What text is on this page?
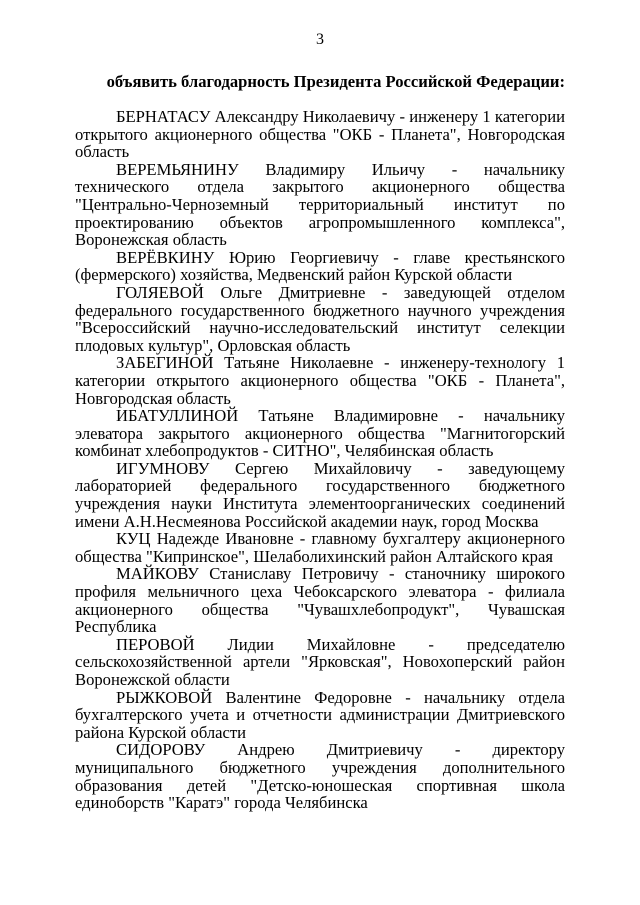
3
объявить благодарность Президента Российской Федерации:

БЕРНАТАСУ Александру Николаевичу - инженеру 1 категории открытого акционерного общества "ОКБ - Планета", Новгородская область

ВЕРЕМЬЯНИНУ Владимиру Ильичу - начальнику технического отдела закрытого акционерного общества "Центрально-Черноземный территориальный институт по проектированию объектов агропромышленного комплекса", Воронежская область

ВЕРЁВКИНУ Юрию Георгиевичу - главе крестьянского (фермерского) хозяйства, Медвенский район Курской области

ГОЛЯЕВОЙ Ольге Дмитриевне - заведующей отделом федерального государственного бюджетного научного учреждения "Всероссийский научно-исследовательский институт селекции плодовых культур", Орловская область

ЗАБЕГИНОЙ Татьяне Николаевне - инженеру-технологу 1 категории открытого акционерного общества "ОКБ - Планета", Новгородская область

ИБАТУЛЛИНОЙ Татьяне Владимировне - начальнику элеватора закрытого акционерного общества "Магнитогорский комбинат хлебопродуктов - СИТНО", Челябинская область

ИГУМНОВУ Сергею Михайловичу - заведующему лабораторией федерального государственного бюджетного учреждения науки Института элементоорганических соединений имени А.Н.Несмеянова Российской академии наук, город Москва

КУЦ Надежде Ивановне - главному бухгалтеру акционерного общества "Кипринское", Шелаболихинский район Алтайского края

МАЙКОВУ Станиславу Петровичу - станочнику широкого профиля мельничного цеха Чебоксарского элеватора - филиала акционерного общества "Чувашхлебопродукт", Чувашская Республика

ПЕРОВОЙ Лидии Михайловне - председателю сельскохозяйственной артели "Ярковская", Новохоперский район Воронежской области

РЫЖКОВОЙ Валентине Федоровне - начальнику отдела бухгалтерского учета и отчетности администрации Дмитриевского района Курской области

СИДОРОВУ Андрею Дмитриевичу - директору муниципального бюджетного учреждения дополнительного образования детей "Детско-юношеская спортивная школа единоборств "Каратэ" города Челябинска
